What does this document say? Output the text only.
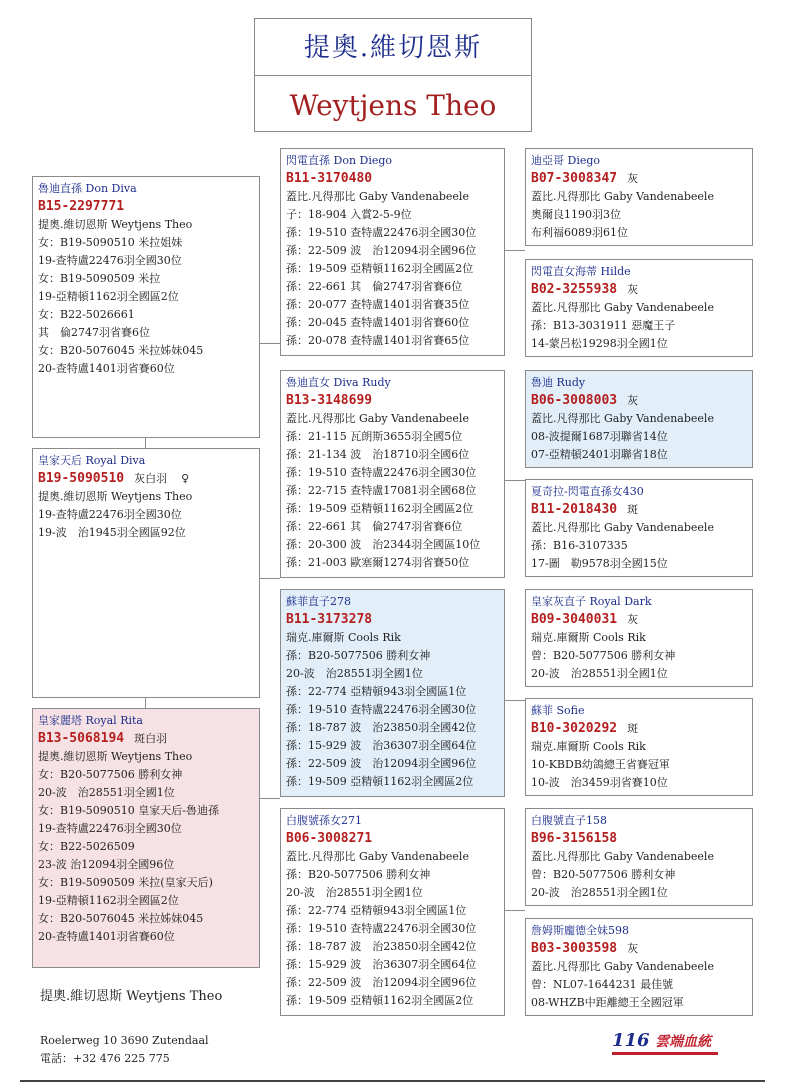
提奧.維切恩斯
Weytjens Theo
魯迪直孫 Don Diva
B15-2297771
提奧.維切恩斯 Weytjens Theo
女：B19-5090510 米拉姐妹
19-查特盧22476羽全國30位
女：B19-5090509 米拉
19-亞精頓1162羽全國區2位
女：B22-5026661
其　倫2747羽省賽6位
女：B20-5076045 米拉姊妹045
20-查特盧1401羽省賽60位
皇家天后 Royal Diva
B19-5090510 灰白羽 ♀
提奧.維切恩斯 Weytjens Theo
19-查特盧22476羽全國30位
19-波　治1945羽全國區92位
皇家麗塔 Royal Rita
B13-5068194 斑白羽
提奧.維切恩斯 Weytjens Theo
女：B20-5077506 勝利女神
20-波　治28551羽全國1位
女：B19-5090510 皇家天后-魯迪孫
19-查特盧22476羽全國30位
女：B22-5026509
23-波 治12094羽全國96位
女：B19-5090509 米拉(皇家天后)
19-亞精頓1162羽全國區2位
女：B20-5076045 米拉姊妹045
20-查特盧1401羽省賽60位
閃電直孫 Don Diego
B11-3170480
蓋比.凡得那比 Gaby Vandenabeele
子：18-904 入賞2-5-9位
孫：19-510 查特盧22476羽全國30位
孫：22-509 波　治12094羽全國96位
孫：19-509 亞精頓1162羽全國區2位
孫：22-661 其　倫2747羽省賽6位
孫：20-077 查特盧1401羽省賽35位
孫：20-045 查特盧1401羽省賽60位
孫：20-078 查特盧1401羽省賽65位
魯迪直女 Diva Rudy
B13-3148699
蓋比.凡得那比 Gaby Vandenabeele
孫：21-115 瓦朗斯3655羽全國5位
孫：21-134 波　治18710羽全國6位
孫：19-510 查特盧22476羽全國30位
孫：22-715 查特盧17081羽全國68位
孫：19-509 亞精頓1162羽全國區2位
孫：22-661 其　倫2747羽省賽6位
孫：20-300 波　治2344羽全國區10位
孫：21-003 歐塞爾1274羽省賽50位
蘇菲直子278
B11-3173278
瑞克.庫爾斯 Cools Rik
孫：B20-5077506 勝利女神
20-波　治28551羽全國1位
孫：22-774 亞精頓943羽全國區1位
孫：19-510 查特盧22476羽全國30位
孫：18-787 波　治23850羽全國42位
孫：15-929 波　治36307羽全國64位
孫：22-509 波　治12094羽全國96位
孫：19-509 亞精頓1162羽全國區2位
白腹號孫女271
B06-3008271
蓋比.凡得那比 Gaby Vandenabeele
孫：B20-5077506 勝利女神
20-波　治28551羽全國1位
孫：22-774 亞精頓943羽全國區1位
孫：19-510 查特盧22476羽全國30位
孫：18-787 波　治23850羽全國42位
孫：15-929 波　治36307羽全國64位
孫：22-509 波　治12094羽全國96位
孫：19-509 亞精頓1162羽全國區2位
迪亞哥 Diego
B07-3008347 灰
蓋比.凡得那比 Gaby Vandenabeele
奧爾良1190羽3位
布利福6089羽61位
閃電直女海蒂 Hilde
B02-3255938 灰
蓋比.凡得那比 Gaby Vandenabeele
孫：B13-3031911 惡魔王子
14-蒙呂松19298羽全國1位
魯迪 Rudy
B06-3008003 灰
蓋比.凡得那比 Gaby Vandenabeele
08-波提爾1687羽聯省14位
07-亞精頓2401羽聯省18位
夏奇拉-閃電直孫女430
B11-2018430 斑
蓋比.凡得那比 Gaby Vandenabeele
孫：B16-3107335
17-圖　勒9578羽全國15位
皇家灰直子 Royal Dark
B09-3040031 灰
瑞克.庫爾斯 Cools Rik
曾：B20-5077506 勝利女神
20-波　治28551羽全國1位
蘇菲 Sofie
B10-3020292 斑
瑞克.庫爾斯 Cools Rik
10-KBDB幼鴿總王省賽冠軍
10-波　治3459羽省賽10位
白腹號直子158
B96-3156158
蓋比.凡得那比 Gaby Vandenabeele
曾：B20-5077506 勝利女神
20-波　治28551羽全國1位
詹姆斯龐德全妹598
B03-3003598 灰
蓋比.凡得那比 Gaby Vandenabeele
曾：NL07-1644231 最佳號
08-WHZB中距離總王全國冠軍
提奧.維切恩斯 Weytjens Theo
Roelerweg 10 3690 Zutendaal
電話：+32 476 225 775
116 雲端血統
